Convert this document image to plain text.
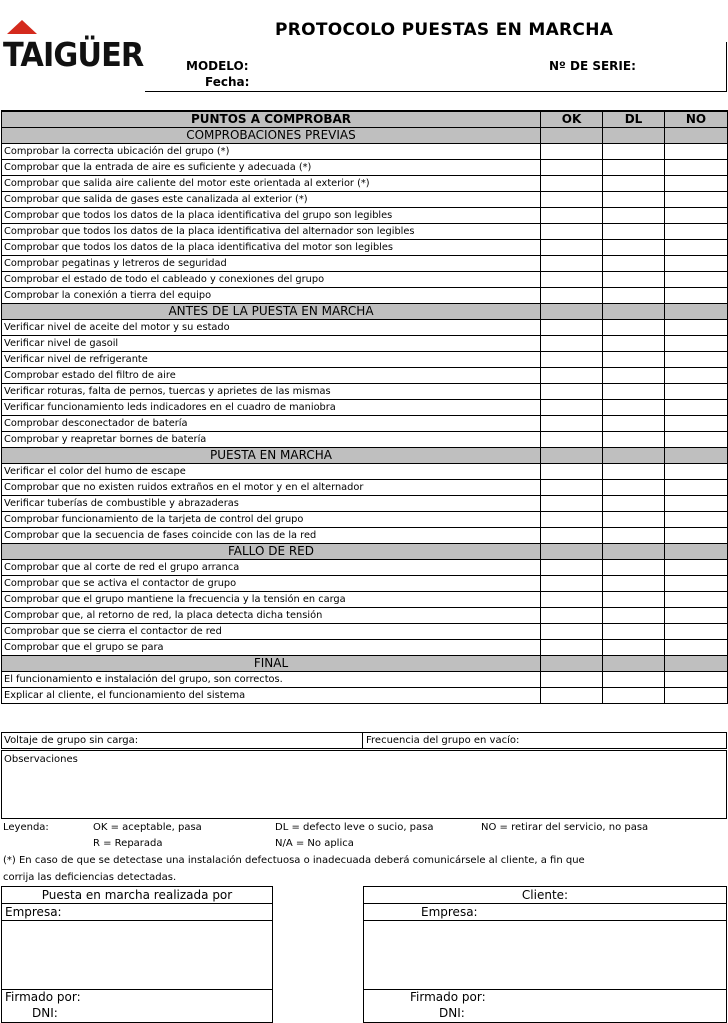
TAIGÜER
PROTOCOLO PUESTAS EN MARCHA
MODELO:
Fecha:
Nº DE SERIE:
PUNTOS A COMPROBAR	OK	DL	NO
COMPROBACIONES PREVIAS			
Comprobar la correcta ubicación del grupo (*)			
Comprobar que la entrada de aire es suficiente y adecuada (*)			
Comprobar que salida aire caliente del motor este orientada al exterior (*)			
Comprobar que salida de gases este canalizada al exterior (*)			
Comprobar que todos los datos de la placa identificativa del grupo son legibles			
Comprobar que todos los datos de la placa identificativa del alternador son legibles			
Comprobar que todos los datos de la placa identificativa del motor son legibles			
Comprobar pegatinas y letreros de seguridad			
Comprobar el estado de todo el cableado y conexiones del grupo			
Comprobar la conexión a tierra del equipo			
ANTES DE LA PUESTA EN MARCHA			
Verificar nivel de aceite del motor y su estado			
Verificar nivel de gasoil			
Verificar nivel de refrigerante			
Comprobar estado del filtro de aire			
Verificar roturas, falta de pernos, tuercas y aprietes de las mismas			
Verificar funcionamiento leds indicadores en el cuadro de maniobra			
Comprobar desconectador de batería			
Comprobar y reapretar bornes de batería			
PUESTA EN MARCHA			
Verificar el color del humo de escape			
Comprobar que no existen ruidos extraños en el motor y en el alternador			
Verificar tuberías de combustible y abrazaderas			
Comprobar funcionamiento de la tarjeta de control del grupo			
Comprobar que la secuencia de fases coincide con las de la red			
FALLO DE RED			
Comprobar que al corte de red el grupo arranca			
Comprobar que se activa el contactor de grupo			
Comprobar que el grupo mantiene la frecuencia y la tensión en carga			
Comprobar que, al retorno de red, la placa detecta dicha tensión			
Comprobar que se cierra el contactor de red			
Comprobar que el grupo se para			
FINAL			
El funcionamiento e instalación del grupo, son correctos.			
Explicar al cliente, el funcionamiento del sistema			
Voltaje de grupo sin carga:	Frecuencia del grupo en vacío:
Observaciones
Leyenda:	OK = aceptable, pasa	DL = defecto leve o sucio, pasa	NO = retirar del servicio, no pasa
R = Reparada	N/A = No aplica
(*) En caso de que se detectase una instalación defectuosa o inadecuada deberá comunicársele al cliente, a fin que
corrija las deficiencias detectadas.
Puesta en marcha realizada por
Empresa:
Firmado por:
DNI:
Cliente:
Empresa:
Firmado por:
DNI:
